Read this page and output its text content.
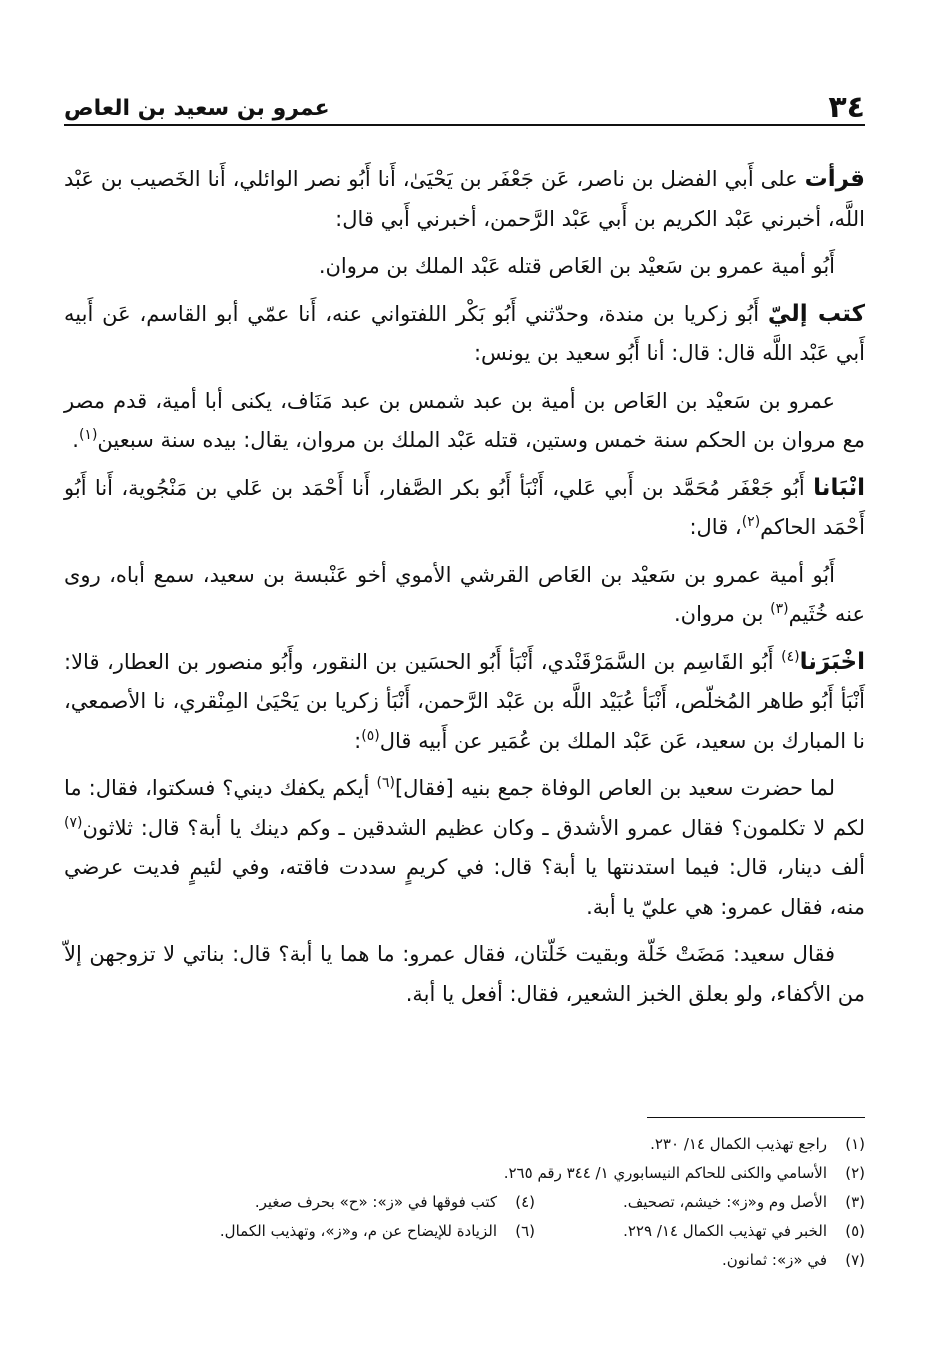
٣٤
عمرو بن سعيد بن العاص

قرأت على أَبي الفضل بن ناصر، عَن جَعْفَر بن يَحْيَىٰ، أَنا أَبُو نصر الوائلي، أَنا الخَصيب بن عَبْد اللَّه، أخبرني عَبْد الكريم بن أَبي عَبْد الرَّحمن، أخبرني أَبي قال:

أَبُو أمية عمرو بن سَعيْد بن العَاص قتله عَبْد الملك بن مروان.

كتب إليّ أَبُو زكريا بن مندة، وحدّثني أَبُو بَكْر اللفتواني عنه، أَنا عمّي أبو القاسم، عَن أَبيه أَبي عَبْد اللَّه قال: قال: أنا أَبُو سعيد بن يونس:

عمرو بن سَعيْد بن العَاص بن أمية بن عبد شمس بن عبد مَنَاف، يكنى أبا أمية، قدم مصر مع مروان بن الحكم سنة خمس وستين، قتله عَبْد الملك بن مروان، يقال: بيده سنة سبعين$^{(١)}$.

انْبَانا أَبُو جَعْفَر مُحَمَّد بن أَبي عَلي، أَنْبَأ أَبُو بكر الصَّفار، أَنا أَحْمَد بن عَلي بن مَنْجُوية، أَنا أَبُو أَحْمَد الحاكم$^{(٢)}$، قال:

أَبُو أمية عمرو بن سَعيْد بن العَاص القرشي الأموي أخو عَنْبسة بن سعيد، سمع أباه، روى عنه خُثَيم$^{(٣)}$ بن مروان.

اخْبَرَنا$^{(٤)}$ أَبُو القَاسِم بن السَّمَرْقَنْدي، أَنْبَأ أَبُو الحسَين بن النقور، وأَبُو منصور بن العطار، قالا: أَنْبَأ أَبُو طاهر المُخلّص، أَنْبَأ عُبَيْد اللَّه بن عَبْد الرَّحمن، أَنْبَأ زكريا بن يَحْيَىٰ المِنْقري، نا الأصمعي، نا المبارك بن سعيد، عَن عَبْد الملك بن عُمَير عن أَبيه قال$^{(٥)}$:

لما حضرت سعيد بن العاص الوفاة جمع بنيه [فقال]$^{(٦)}$ أيكم يكفك ديني؟ فسكتوا، فقال: ما لكم لا تكلمون؟ فقال عمرو الأشدق ـ وكان عظيم الشدقين ـ وكم دينك يا أبة؟ قال: ثلاثون$^{(٧)}$ ألف دينار، قال: فيما استدنتها يا أبة؟ قال: في كريمٍ سددت فاقته، وفي لئيمٍ فديت عرضي منه، فقال عمرو: هي عليّ يا أبة.

فقال سعيد: مَضَتْ خَلّة وبقيت خَلّتان، فقال عمرو: ما هما يا أبة؟ قال: بناتي لا تزوجهن إلاّ من الأكفاء، ولو بعلق الخبز الشعير، فقال: أفعل يا أبة.

(١)
راجع تهذيب الكمال ١٤/ ٢٣٠.
(٢)
الأسامي والكنى للحاكم النيسابوري ١/ ٣٤٤ رقم ٢٦٥.
(٣)
الأصل وم و«ز»: خيشم، تصحيف.
(٤)
كتب فوقها في «ز»: «ح» بحرف صغير.
(٥)
الخبر في تهذيب الكمال ١٤/ ٢٢٩.
(٦)
الزيادة للإيضاح عن م، و«ز»، وتهذيب الكمال.
(٧)
في «ز»: ثمانون.
